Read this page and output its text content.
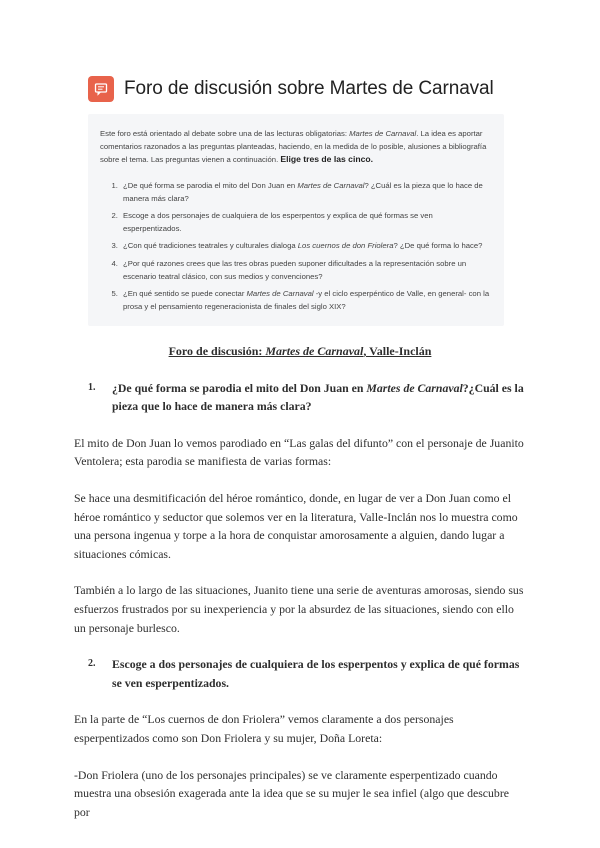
Foro de discusión sobre Martes de Carnaval

Este foro está orientado al debate sobre una de las lecturas obligatorias: Martes de Carnaval. La idea es aportar comentarios razonados a las preguntas planteadas, haciendo, en la medida de lo posible, alusiones a bibliografía sobre el tema. Las preguntas vienen a continuación. Elige tres de las cinco.

1. ¿De qué forma se parodia el mito del Don Juan en Martes de Carnaval? ¿Cuál es la pieza que lo hace de manera más clara?
2. Escoge a dos personajes de cualquiera de los esperpentos y explica de qué formas se ven esperpentizados.
3. ¿Con qué tradiciones teatrales y culturales dialoga Los cuernos de don Friolera? ¿De qué forma lo hace?
4. ¿Por qué razones crees que las tres obras pueden suponer dificultades a la representación sobre un escenario teatral clásico, con sus medios y convenciones?
5. ¿En qué sentido se puede conectar Martes de Carnaval -y el ciclo esperpéntico de Valle, en general- con la prosa y el pensamiento regeneracionista de finales del siglo XIX?
Foro de discusión: Martes de Carnaval, Valle-Inclán
1.	¿De qué forma se parodia el mito del Don Juan en Martes de Carnaval?¿Cuál es la pieza que lo hace de manera más clara?
El mito de Don Juan lo vemos parodiado en “Las galas del difunto” con el personaje de Juanito Ventolera; esta parodia se manifiesta de varias formas:
Se hace una desmitificación del héroe romántico, donde, en lugar de ver a Don Juan como el héroe romántico y seductor que solemos ver en la literatura, Valle-Inclán nos lo muestra como una persona ingenua y torpe a la hora de conquistar amorosamente a alguien, dando lugar a situaciones cómicas.
También a lo largo de las situaciones, Juanito tiene una serie de aventuras amorosas, siendo sus esfuerzos frustrados por su inexperiencia y por la absurdez de las situaciones, siendo con ello un personaje burlesco.
2.	Escoge a dos personajes de cualquiera de los esperpentos y explica de qué formas se ven esperpentizados.
En la parte de “Los cuernos de don Friolera” vemos claramente a dos personajes esperpentizados como son Don Friolera y su mujer, Doña Loreta:
-Don Friolera (uno de los personajes principales) se ve claramente esperpentizado cuando muestra una obsesión exagerada ante la idea que se su mujer le sea infiel (algo que descubre por
